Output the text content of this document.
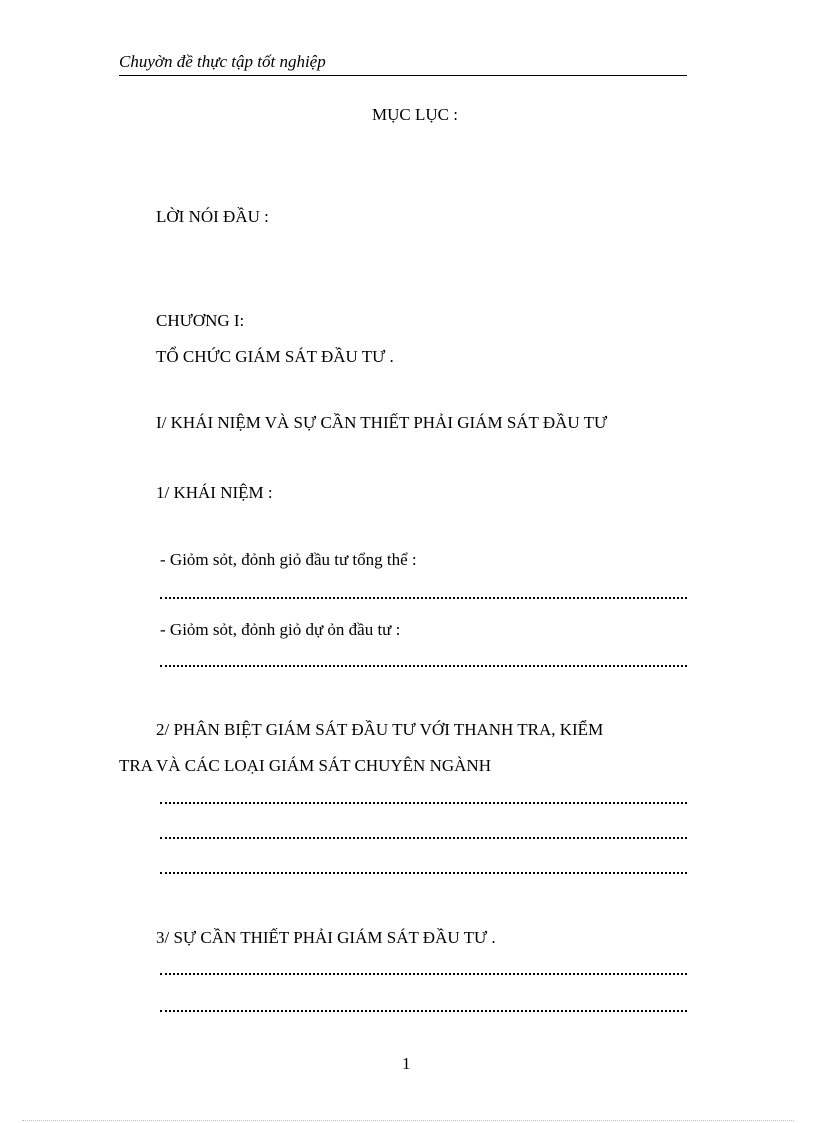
Chuyờn đề thực tập tốt nghiệp
MỤC LỤC :
LỜI NÓI ĐẦU :
CHƯƠNG I:
TỔ CHỨC GIÁM SÁT ĐẦU TƯ .
I/ KHÁI NIỆM VÀ SỰ CẦN THIẾT PHẢI GIÁM SÁT ĐẦU TƯ
1/ KHÁI NIỆM :
- Giỏm sỏt, đỏnh giỏ đầu tư tổng thể :
- Giỏm sỏt, đỏnh giỏ dự ỏn đầu tư :
2/ PHÂN BIỆT GIÁM SÁT ĐẦU TƯ VỚI THANH TRA, KIỂM
TRA VÀ CÁC LOẠI GIÁM SÁT CHUYÊN NGÀNH
3/ SỰ CẦN THIẾT PHẢI GIÁM SÁT ĐẦU TƯ .
1
